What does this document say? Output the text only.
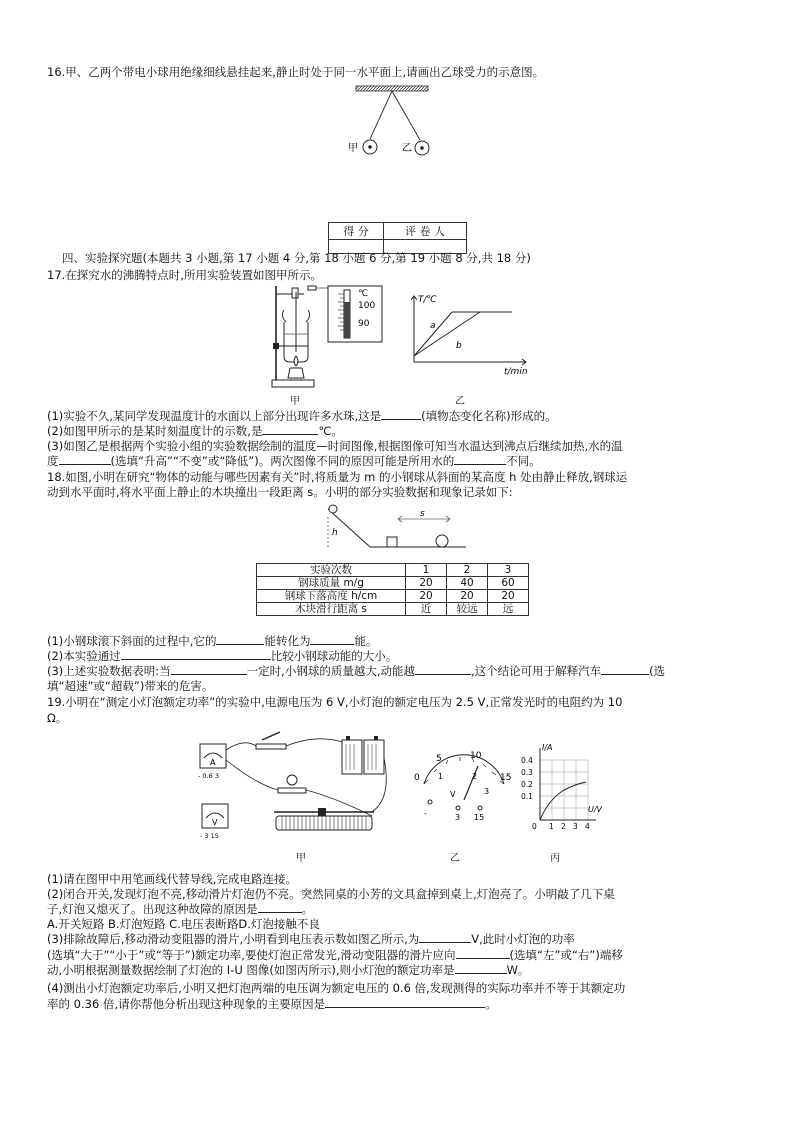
16.甲、乙两个带电小球用绝缘细线悬挂起来,静止时处于同一水平面上,请画出乙球受力的示意图。
甲	乙
得 分	评 卷 人

四、实验探究题(本题共 3 小题,第 17 小题 4 分,第 18 小题 6 分,第 19 小题 8 分,共 18 分)
17.在探究水的沸腾特点时,所用实验装置如图甲所示。
℃
100
90
甲
T/℃
t/min
a
b
乙
(1)实验不久,某同学发现温度计的水面以上部分出现许多水珠,这是	(填物态变化名称)形成的。
(2)如图甲所示的是某时刻温度计的示数,是	℃。
(3)如图乙是根据两个实验小组的实验数据绘制的温度—时间图像,根据图像可知当水温达到沸点后继续加热,水的温
度	(选填“升高”“不变”或“降低”)。两次图像不同的原因可能是所用水的	不同。
18.如图,小明在研究“物体的动能与哪些因素有关”时,将质量为 m 的小钢球从斜面的某高度 h 处由静止释放,钢球运
动到水平面时,将水平面上静止的木块撞出一段距离 s。小明的部分实验数据和现象记录如下:
h
s
实验次数	1	2	3
钢球质量 m/g	20	40	60
钢球下落高度 h/cm	20	20	20
木块滑行距离 s	近	较远	远
(1)小钢球滚下斜面的过程中,它的	能转化为	能。
(2)本实验通过	比较小钢球动能的大小。
(3)上述实验数据表明:当	一定时,小钢球的质量越大,动能越	,这个结论可用于解释汽车	(选
填“超速”或“超载”)带来的危害。
19.小明在“测定小灯泡额定功率”的实验中,电源电压为 6 V,小灯泡的额定电压为 2.5 V,正常发光时的电阻约为 10
Ω。
A
- 0.6 3
V
- 3 15
甲
0
5	10
15
1	2
3
V
-	3 15
乙
I/A
U/V
0.4
0.3
0.2
0.1
0 1 2 3 4
丙
(1)请在图甲中用笔画线代替导线,完成电路连接。
(2)闭合开关,发现灯泡不亮,移动滑片灯泡仍不亮。突然同桌的小芳的文具盒掉到桌上,灯泡亮了。小明敲了几下桌
子,灯泡又熄灭了。出现这种故障的原因是	。
A.开关短路 B.灯泡短路 C.电压表断路D.灯泡接触不良
(3)排除故障后,移动滑动变阻器的滑片,小明看到电压表示数如图乙所示,为	V,此时小灯泡的功率
(选填“大于”“小于”或“等于”)额定功率,要使灯泡正常发光,滑动变阻器的滑片应向	(选填“左”或“右”)端移
动,小明根据测量数据绘制了灯泡的 I-U 图像(如图丙所示),则小灯泡的额定功率是	W。
(4)测出小灯泡额定功率后,小明又把灯泡两端的电压调为额定电压的 0.6 倍,发现测得的实际功率并不等于其额定功
率的 0.36 倍,请你帮他分析出现这种现象的主要原因是	。
